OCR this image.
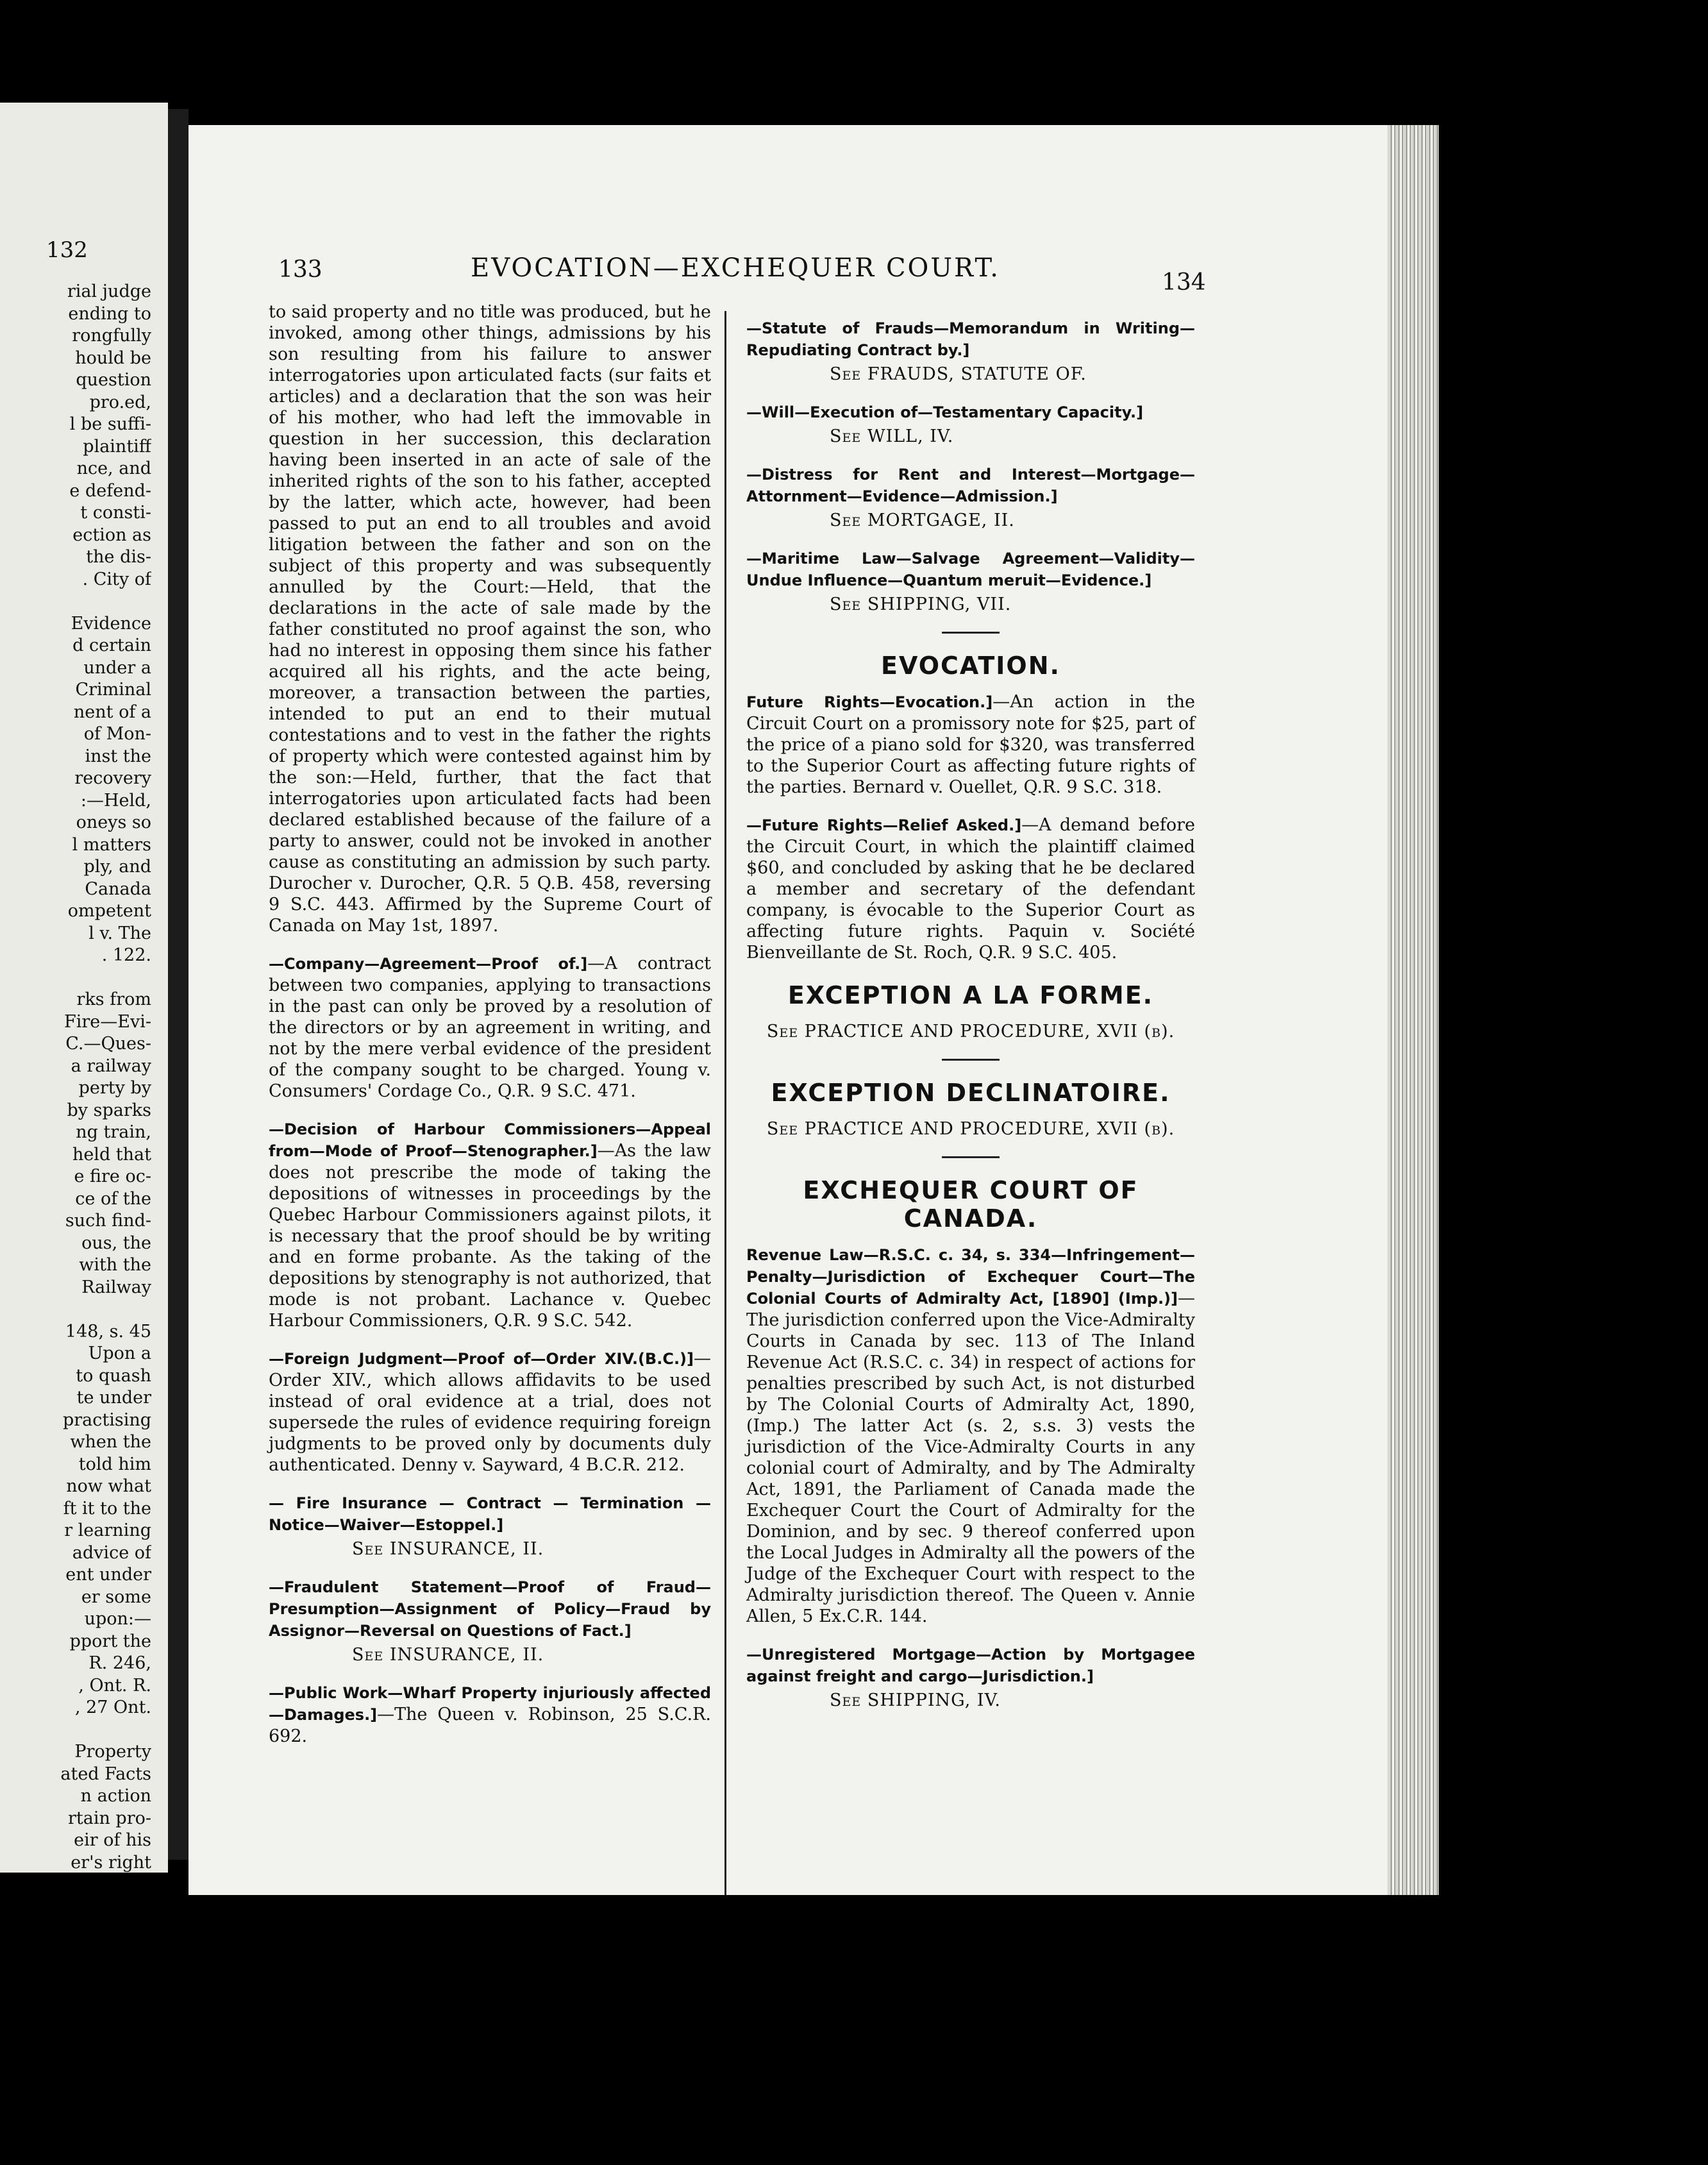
132
rial judge
ending to
rongfully
hould be
question
pro.ed,
l be suffi-
plaintiff
nce, and
e defend-
t consti-
ection as
the dis-
. City of
Evidence
d certain
under a
Criminal
nent of a
of Mon-
inst the
recovery
:—Held,
oneys so
l matters
ply, and
Canada
ompetent
l v. The
. 122.
rks from
Fire—Evi-
C.—Ques-
a railway
perty by
by sparks
ng train,
held that
e fire oc-
ce of the
such find-
ous, the
with the
Railway
148, s. 45
Upon a
to quash
te under
practising
when the
told him
now what
ft it to the
r learning
advice of
ent under
er some
upon:—
pport the
R. 246,
, Ont. R.
, 27 Ont.
Property
ated Facts
n action
rtain pro-
eir of his
er's right
133	EVOCATION—EXCHEQUER COURT.	134

to said property and no title was produced, but he invoked, among other things, admissions by his son resulting from his failure to answer interrogatories upon articulated facts (sur faits et articles) and a declaration that the son was heir of his mother, who had left the immovable in question in her succession, this declaration having been inserted in an acte of sale of the inherited rights of the son to his father, accepted by the latter, which acte, however, had been passed to put an end to all troubles and avoid litigation between the father and son on the subject of this property and was subsequently annulled by the Court:—Held, that the declarations in the acte of sale made by the father constituted no proof against the son, who had no interest in opposing them since his father acquired all his rights, and the acte being, moreover, a transaction between the parties, intended to put an end to their mutual contestations and to vest in the father the rights of property which were contested against him by the son:—Held, further, that the fact that interrogatories upon articulated facts had been declared established because of the failure of a party to answer, could not be invoked in another cause as constituting an admission by such party. Durocher v. Durocher, Q.R. 5 Q.B. 458, reversing 9 S.C. 443. Affirmed by the Supreme Court of Canada on May 1st, 1897.

—Company—Agreement—Proof of.]—A contract between two companies, applying to transactions in the past can only be proved by a resolution of the directors or by an agreement in writing, and not by the mere verbal evidence of the president of the company sought to be charged. Young v. Consumers' Cordage Co., Q.R. 9 S.C. 471.

—Decision of Harbour Commissioners—Appeal from—Mode of Proof—Stenographer.]—As the law does not prescribe the mode of taking the depositions of witnesses in proceedings by the Quebec Harbour Commissioners against pilots, it is necessary that the proof should be by writing and en forme probante. As the taking of the depositions by stenography is not authorized, that mode is not probant. Lachance v. Quebec Harbour Commissioners, Q.R. 9 S.C. 542.

—Foreign Judgment—Proof of—Order XIV.(B.C.)]—Order XIV., which allows affidavits to be used instead of oral evidence at a trial, does not supersede the rules of evidence requiring foreign judgments to be proved only by documents duly authenticated. Denny v. Sayward, 4 B.C.R. 212.

— Fire Insurance — Contract — Termination — Notice—Waiver—Estoppel.]

See INSURANCE, II.

—Fraudulent Statement—Proof of Fraud—Presumption—Assignment of Policy—Fraud by Assignor—Reversal on Questions of Fact.]

See INSURANCE, II.

—Public Work—Wharf Property injuriously affected—Damages.]—The Queen v. Robinson, 25 S.C.R. 692.

—Statute of Frauds—Memorandum in Writing—Repudiating Contract by.]

See FRAUDS, STATUTE OF.

—Will—Execution of—Testamentary Capacity.]

See WILL, IV.

—Distress for Rent and Interest—Mortgage—Attornment—Evidence—Admission.]

See MORTGAGE, II.

—Maritime Law—Salvage Agreement—Validity—Undue Influence—Quantum meruit—Evidence.]

See SHIPPING, VII.

EVOCATION.

Future Rights—Evocation.]—An action in the Circuit Court on a promissory note for $25, part of the price of a piano sold for $320, was transferred to the Superior Court as affecting future rights of the parties. Bernard v. Ouellet, Q.R. 9 S.C. 318.

—Future Rights—Relief Asked.]—A demand before the Circuit Court, in which the plaintiff claimed $60, and concluded by asking that he be declared a member and secretary of the defendant company, is évocable to the Superior Court as affecting future rights. Paquin v. Société Bienveillante de St. Roch, Q.R. 9 S.C. 405.

EXCEPTION A LA FORME.

See PRACTICE AND PROCEDURE, XVII (b).

EXCEPTION DECLINATOIRE.

See PRACTICE AND PROCEDURE, XVII (b).

EXCHEQUER COURT OF CANADA.

Revenue Law—R.S.C. c. 34, s. 334—Infringement—Penalty—Jurisdiction of Exchequer Court—The Colonial Courts of Admiralty Act, [1890] (Imp.)]—The jurisdiction conferred upon the Vice-Admiralty Courts in Canada by sec. 113 of The Inland Revenue Act (R.S.C. c. 34) in respect of actions for penalties prescribed by such Act, is not disturbed by The Colonial Courts of Admiralty Act, 1890, (Imp.) The latter Act (s. 2, s.s. 3) vests the jurisdiction of the Vice-Admiralty Courts in any colonial court of Admiralty, and by The Admiralty Act, 1891, the Parliament of Canada made the Exchequer Court the Court of Admiralty for the Dominion, and by sec. 9 thereof conferred upon the Local Judges in Admiralty all the powers of the Judge of the Exchequer Court with respect to the Admiralty jurisdiction thereof. The Queen v. Annie Allen, 5 Ex.C.R. 144.

—Unregistered Mortgage—Action by Mortgagee against freight and cargo—Jurisdiction.]

See SHIPPING, IV.
